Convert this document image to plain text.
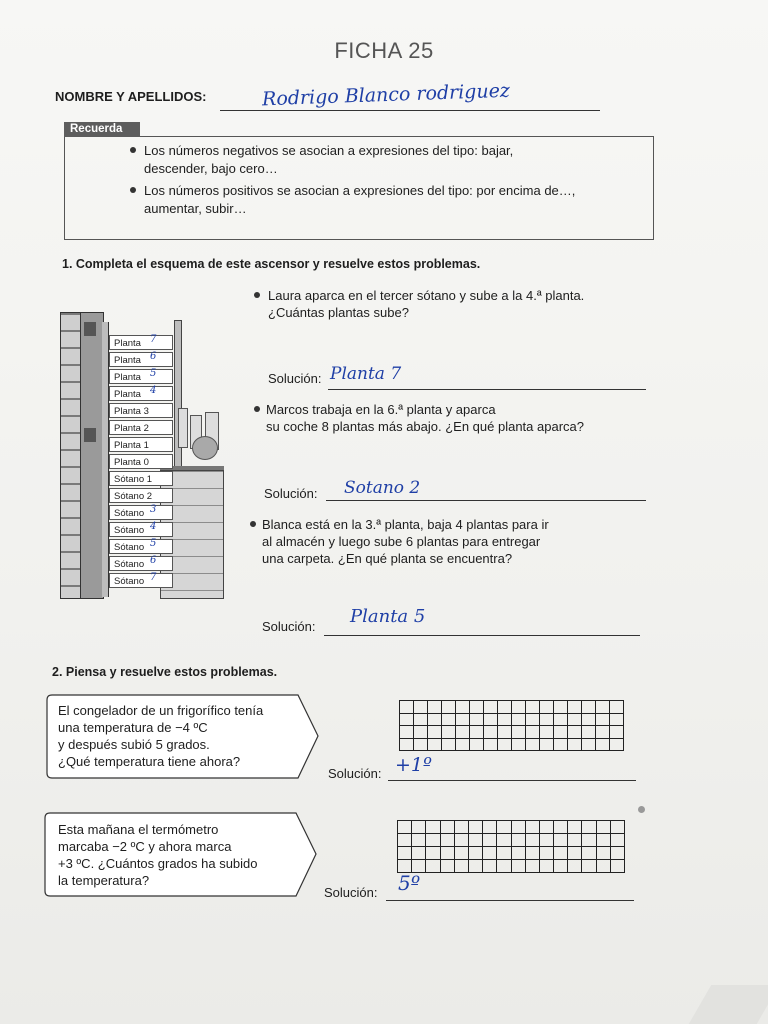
FICHA 25
NOMBRE Y APELLIDOS:	Rodrigo Blanco rodriguez
Recuerda
Los números negativos se asocian a expresiones del tipo: bajar,
descender, bajo cero…
Los números positivos se asocian a expresiones del tipo: por encima de…,
aumentar, subir…
1. Completa el esquema de este ascensor y resuelve estos problemas.
Planta 7
Planta 6
Planta 5
Planta 4
Planta 3
Planta 2
Planta 1
Planta 0
Sótano 1
Sótano 2
Sótano 3
Sótano 4
Sótano 5
Sótano 6
Sótano 7
Laura aparca en el tercer sótano y sube a la 4.ª planta.
¿Cuántas plantas sube?
Solución: Planta 7
Marcos trabaja en la 6.ª planta y aparca
su coche 8 plantas más abajo. ¿En qué planta aparca?
Solución: Sotano 2
Blanca está en la 3.ª planta, baja 4 plantas para ir
al almacén y luego sube 6 plantas para entregar
una carpeta. ¿En qué planta se encuentra?
Solución: Planta 5
2. Piensa y resuelve estos problemas.
El congelador de un frigorífico tenía
una temperatura de −4 ºC
y después subió 5 grados.
¿Qué temperatura tiene ahora?
Solución: +1º
Esta mañana el termómetro
marcaba −2 ºC y ahora marca
+3 ºC. ¿Cuántos grados ha subido
la temperatura?
Solución: 5º
